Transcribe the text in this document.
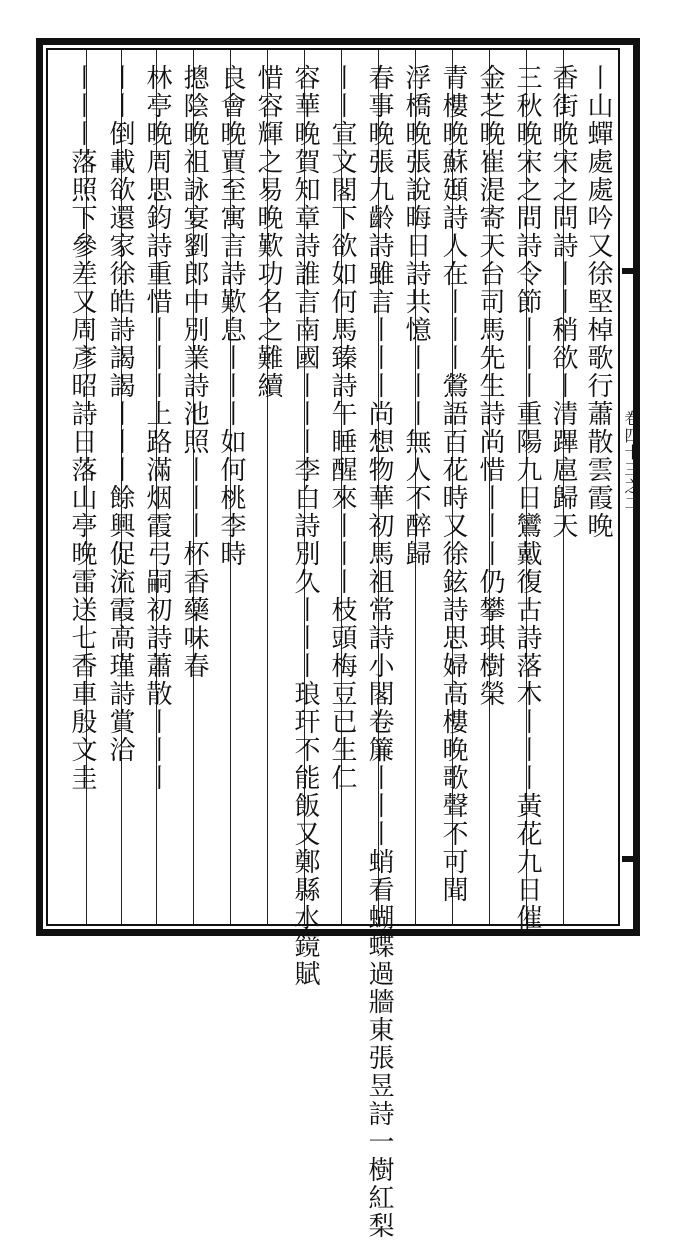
丨山蟬處處吟又徐堅棹歌行蕭散雲霞晚
香街晚宋之問詩丨丨稍欲丨清蹕扈歸天
三秋晚宋之問詩令節丨丨丨重陽九日鸞戴復古詩落木丨丨丨黃花九日催
金芝晚崔湜寄天台司馬先生詩尚惜丨丨丨仍攀琪樹榮
青樓晚蘇頲詩人在丨丨丨鶯語百花時又徐鉉詩思婦高樓晚歌聲不可聞
浮橋晚張說晦日詩共憶丨丨丨無人不醉歸
春事晚張九齡詩雖言丨丨丨尚想物華初馬祖常詩小閣卷簾丨丨丨蛸看蝴蝶過牆東張昱詩一樹紅梨
丨丨宣文閣下欲如何馬臻詩午睡醒來丨丨丨枝頭梅豆已生仁
容華晚賀知章詩誰言南國丨丨丨李白詩別久丨丨丨琅玕不能飯又鄭縣水鏡賦
惜容輝之易晚歎功名之難續
良會晚賈至寓言詩歎息丨丨丨如何桃李時
摠陰晚祖詠宴劉郎中別業詩池照丨丨丨杯香藥味春
林亭晚周思鈞詩重惜丨丨丨上路滿烟霞弓嗣初詩蕭散丨丨丨
丨丨倒載欲還家徐皓詩謁謁丨丨丨餘興促流霞高瑾詩賞洽
丨丨丨落照下參差又周彥昭詩日落山亭晚雷送七香車殷文圭	卷四十三之二
